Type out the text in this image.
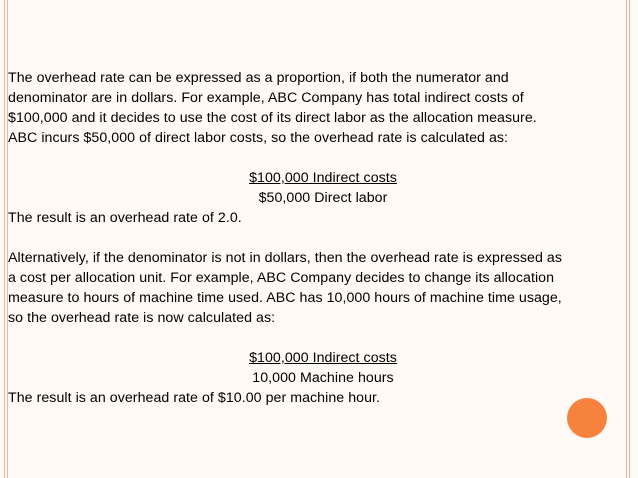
The overhead rate can be expressed as a proportion, if both the numerator and

denominator are in dollars. For example, ABC Company has total indirect costs of

$100,000 and it decides to use the cost of its direct labor as the allocation measure.

ABC incurs $50,000 of direct labor costs, so the overhead rate is calculated as:

$100,000 Indirect costs
$50,000 Direct labor

The result is an overhead rate of 2.0.

Alternatively, if the denominator is not in dollars, then the overhead rate is expressed as

a cost per allocation unit. For example, ABC Company decides to change its allocation

measure to hours of machine time used. ABC has 10,000 hours of machine time usage,

so the overhead rate is now calculated as:

$100,000 Indirect costs
10,000 Machine hours

The result is an overhead rate of $10.00 per machine hour.
